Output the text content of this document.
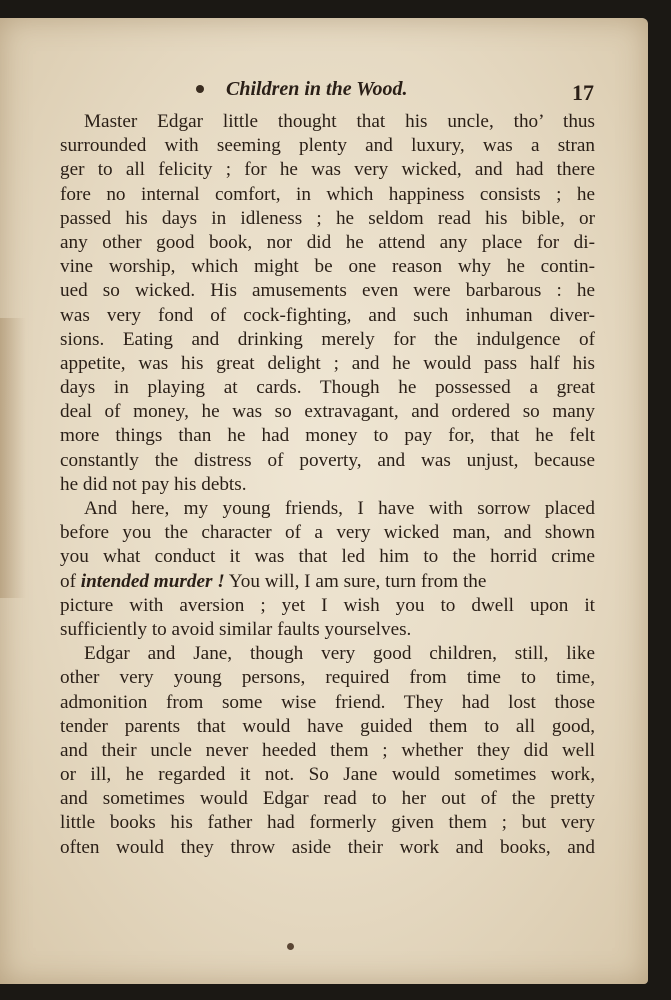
Children in the Wood.	17
Master Edgar little thought that his uncle, tho’ thus
surrounded with seeming plenty and luxury, was a stran
ger to all felicity ; for he was very wicked, and had there
fore no internal comfort, in which happiness consists ; he
passed his days in idleness ; he seldom read his bible, or
any other good book, nor did he attend any place for di-
vine worship, which might be one reason why he contin-
ued so wicked. His amusements even were barbarous : he
was very fond of cock-fighting, and such inhuman diver-
sions. Eating and drinking merely for the indulgence of
appetite, was his great delight ; and he would pass half his
days in playing at cards. Though he possessed a great
deal of money, he was so extravagant, and ordered so many
more things than he had money to pay for, that he felt
constantly the distress of poverty, and was unjust, because
he did not pay his debts.
And here, my young friends, I have with sorrow placed
before you the character of a very wicked man, and shown
you what conduct it was that led him to the horrid crime
of intended murder ! You will, I am sure, turn from the
picture with aversion ; yet I wish you to dwell upon it
sufficiently to avoid similar faults yourselves.
Edgar and Jane, though very good children, still, like
other very young persons, required from time to time,
admonition from some wise friend. They had lost those
tender parents that would have guided them to all good,
and their uncle never heeded them ; whether they did well
or ill, he regarded it not. So Jane would sometimes work,
and sometimes would Edgar read to her out of the pretty
little books his father had formerly given them ; but very
often would they throw aside their work and books, and
